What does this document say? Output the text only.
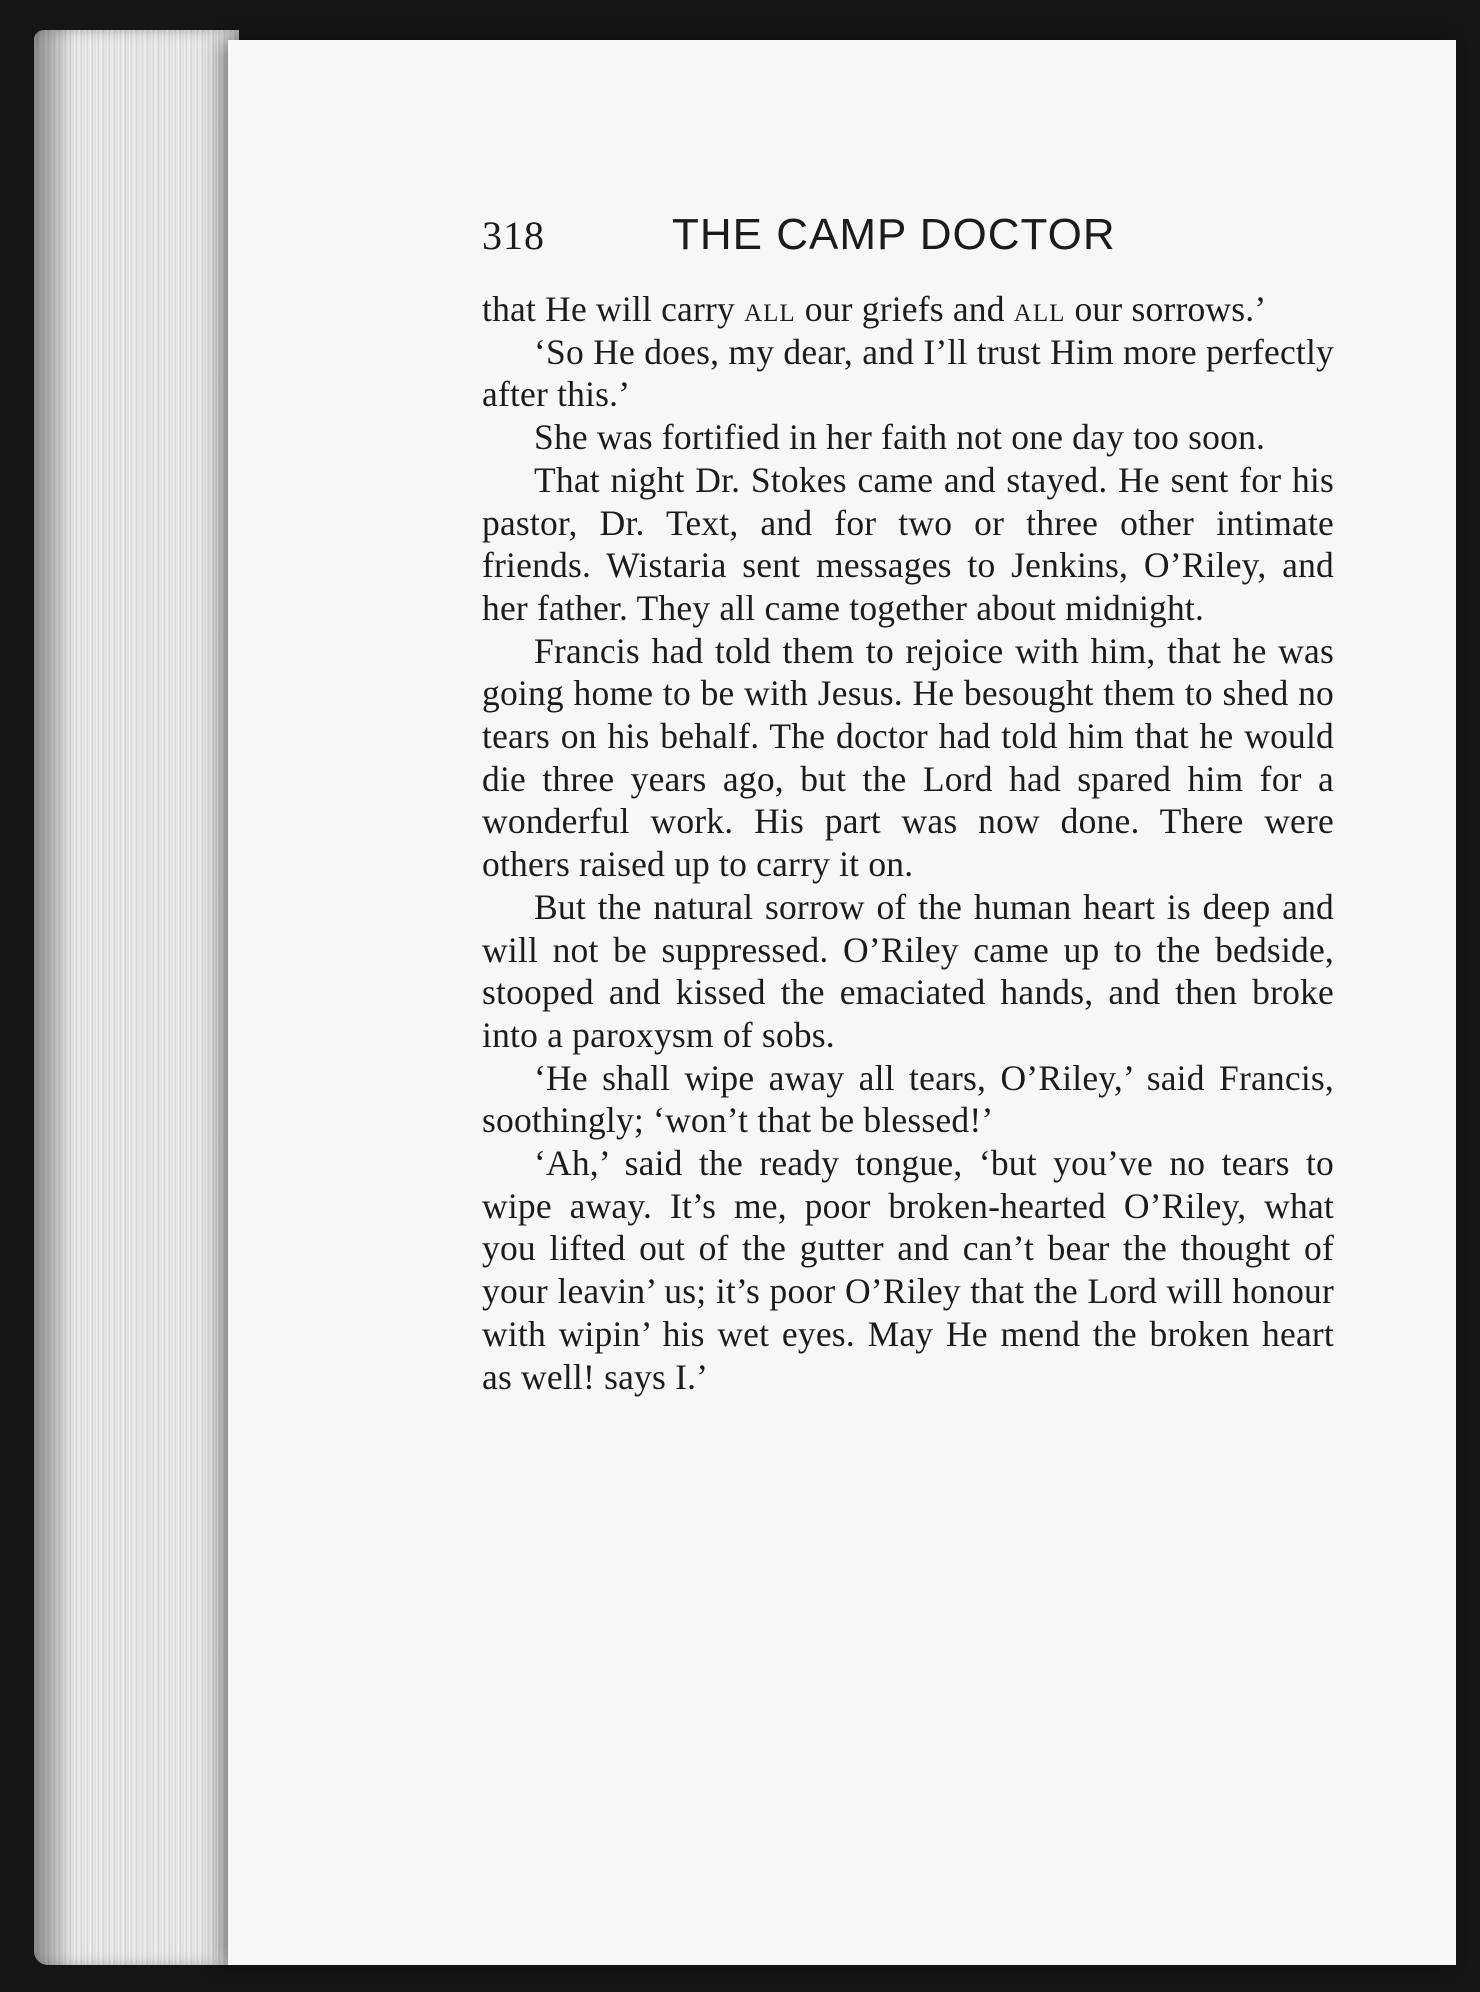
318	THE CAMP DOCTOR

that He will carry all our griefs and all our sorrows.’

‘So He does, my dear, and I’ll trust Him more perfectly after this.’

She was fortified in her faith not one day too soon.

That night Dr. Stokes came and stayed. He sent for his pastor, Dr. Text, and for two or three other intimate friends. Wistaria sent messages to Jenkins, O’Riley, and her father. They all came together about midnight.

Francis had told them to rejoice with him, that he was going home to be with Jesus. He besought them to shed no tears on his behalf. The doctor had told him that he would die three years ago, but the Lord had spared him for a wonderful work. His part was now done. There were others raised up to carry it on.

But the natural sorrow of the human heart is deep and will not be suppressed. O’Riley came up to the bedside, stooped and kissed the emaciated hands, and then broke into a paroxysm of sobs.

‘He shall wipe away all tears, O’Riley,’ said Francis, soothingly; ‘won’t that be blessed!’

‘Ah,’ said the ready tongue, ‘but you’ve no tears to wipe away. It’s me, poor broken-hearted O’Riley, what you lifted out of the gutter and can’t bear the thought of your leavin’ us; it’s poor O’Riley that the Lord will honour with wipin’ his wet eyes. May He mend the broken heart as well! says I.’
